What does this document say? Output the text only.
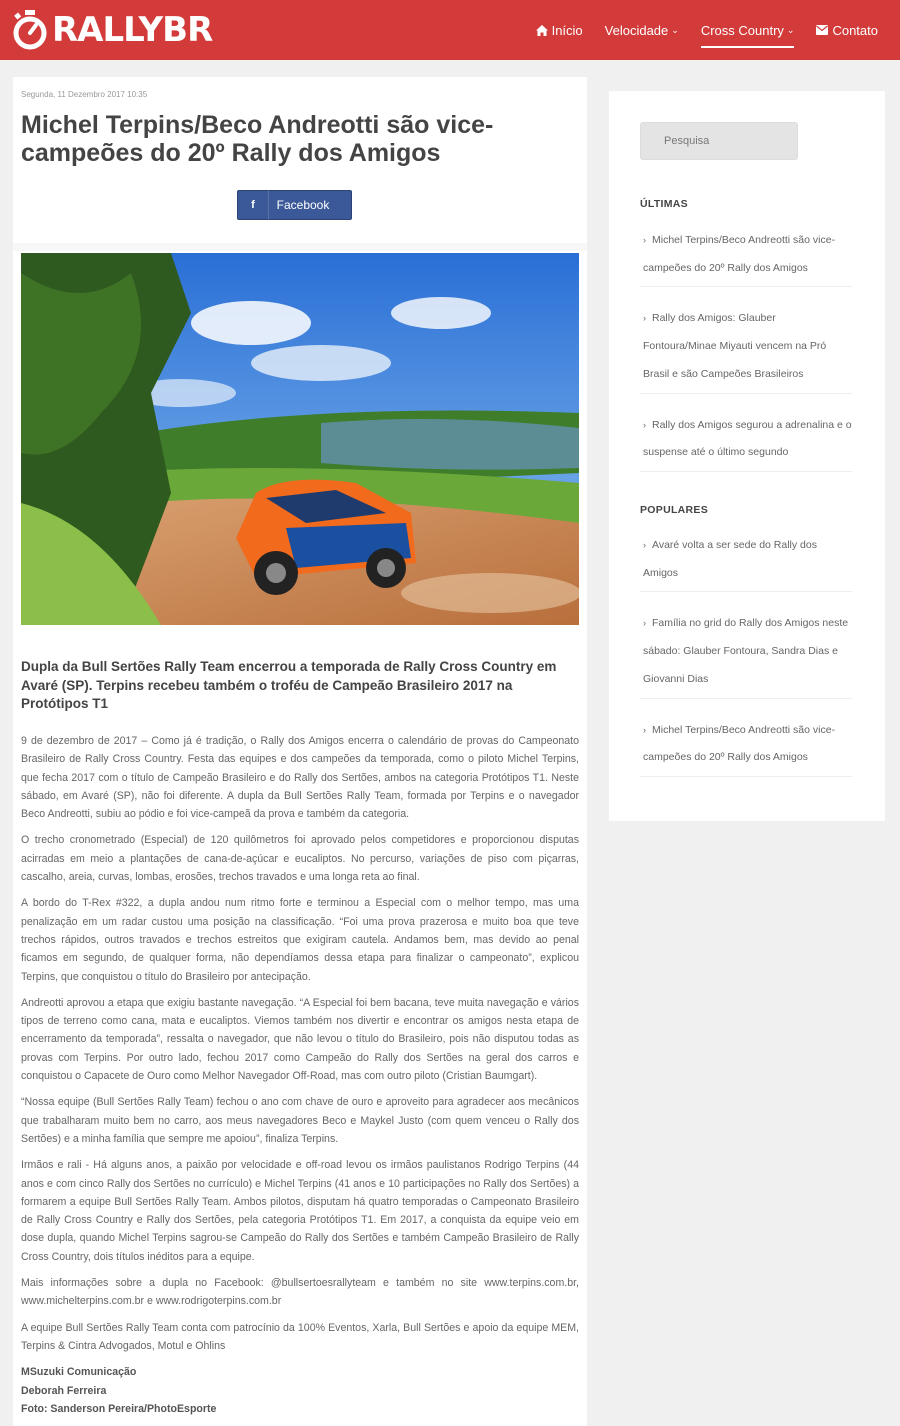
RALLYBR	Início Velocidade ⌄ Cross Country ⌄	Contato
Segunda, 11 Dezembro 2017 10:35
Michel Terpins/Beco Andreotti são vice-campeões do 20º Rally dos Amigos
f	Facebook
Dupla da Bull Sertões Rally Team encerrou a temporada de Rally Cross Country em Avaré (SP). Terpins recebeu também o troféu de Campeão Brasileiro 2017 na Protótipos T1

9 de dezembro de 2017 – Como já é tradição, o Rally dos Amigos encerra o calendário de provas do Campeonato Brasileiro de Rally Cross Country. Festa das equipes e dos campeões da temporada, como o piloto Michel Terpins, que fecha 2017 com o título de Campeão Brasileiro e do Rally dos Sertões, ambos na categoria Protótipos T1. Neste sábado, em Avaré (SP), não foi diferente. A dupla da Bull Sertões Rally Team, formada por Terpins e o navegador Beco Andreotti, subiu ao pódio e foi vice-campeã da prova e também da categoria.

O trecho cronometrado (Especial) de 120 quilômetros foi aprovado pelos competidores e proporcionou disputas acirradas em meio a plantações de cana-de-açúcar e eucaliptos. No percurso, variações de piso com piçarras, cascalho, areia, curvas, lombas, erosões, trechos travados e uma longa reta ao final.

A bordo do T-Rex #322, a dupla andou num ritmo forte e terminou a Especial com o melhor tempo, mas uma penalização em um radar custou uma posição na classificação. “Foi uma prova prazerosa e muito boa que teve trechos rápidos, outros travados e trechos estreitos que exigiram cautela. Andamos bem, mas devido ao penal ficamos em segundo, de qualquer forma, não dependíamos dessa etapa para finalizar o campeonato”, explicou Terpins, que conquistou o título do Brasileiro por antecipação.

Andreotti aprovou a etapa que exigiu bastante navegação. “A Especial foi bem bacana, teve muita navegação e vários tipos de terreno como cana, mata e eucaliptos. Viemos também nos divertir e encontrar os amigos nesta etapa de encerramento da temporada”, ressalta o navegador, que não levou o título do Brasileiro, pois não disputou todas as provas com Terpins. Por outro lado, fechou 2017 como Campeão do Rally dos Sertões na geral dos carros e conquistou o Capacete de Ouro como Melhor Navegador Off-Road, mas com outro piloto (Cristian Baumgart).

“Nossa equipe (Bull Sertões Rally Team) fechou o ano com chave de ouro e aproveito para agradecer aos mecânicos que trabalharam muito bem no carro, aos meus navegadores Beco e Maykel Justo (com quem venceu o Rally dos Sertões) e a minha família que sempre me apoiou”, finaliza Terpins.

Irmãos e rali - Há alguns anos, a paixão por velocidade e off-road levou os irmãos paulistanos Rodrigo Terpins (44 anos e com cinco Rally dos Sertões no currículo) e Michel Terpins (41 anos e 10 participações no Rally dos Sertões) a formarem a equipe Bull Sertões Rally Team. Ambos pilotos, disputam há quatro temporadas o Campeonato Brasileiro de Rally Cross Country e Rally dos Sertões, pela categoria Protótipos T1. Em 2017, a conquista da equipe veio em dose dupla, quando Michel Terpins sagrou-se Campeão do Rally dos Sertões e também Campeão Brasileiro de Rally Cross Country, dois títulos inéditos para a equipe.

Mais informações sobre a dupla no Facebook: @bullsertoesrallyteam e também no site www.terpins.com.br, www.michelterpins.com.br e www.rodrigoterpins.com.br

A equipe Bull Sertões Rally Team conta com patrocínio da 100% Eventos, Xarla, Bull Sertões e apoio da equipe MEM, Terpins & Cintra Advogados, Motul e Ohlins

MSuzuki Comunicação
Deborah Ferreira
Foto: Sanderson Pereira/PhotoEsporte
Pesquisa
ÚLTIMAS
› Michel Terpins/Beco Andreotti são vice-campeões do 20º Rally dos Amigos
› Rally dos Amigos: Glauber Fontoura/Minae Miyauti vencem na Pró Brasil e são Campeões Brasileiros
› Rally dos Amigos segurou a adrenalina e o suspense até o último segundo
POPULARES
› Avaré volta a ser sede do Rally dos Amigos
› Família no grid do Rally dos Amigos neste sábado: Glauber Fontoura, Sandra Dias e Giovanni Dias
› Michel Terpins/Beco Andreotti são vice-campeões do 20º Rally dos Amigos
